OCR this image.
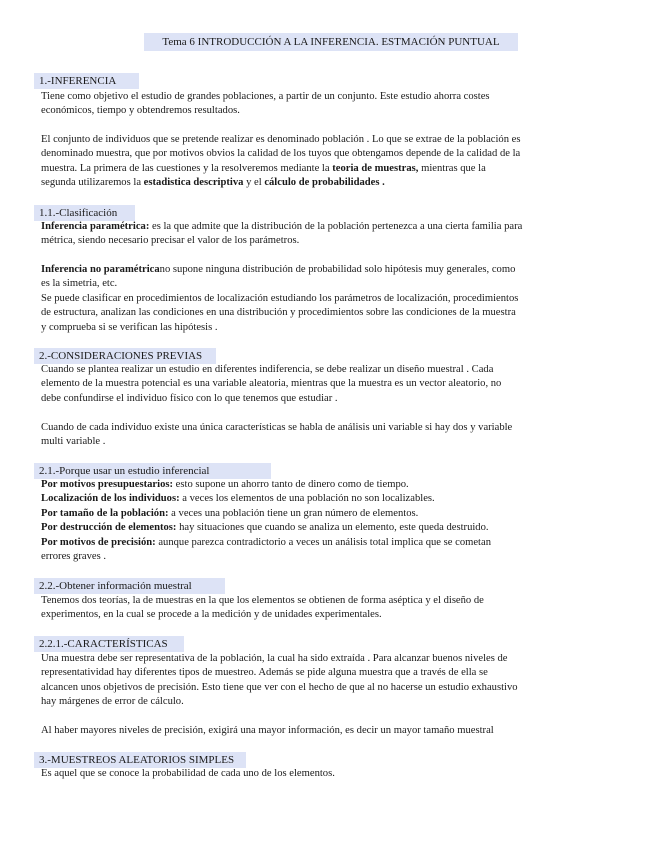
Tema 6 INTRODUCCIÓN A LA INFERENCIA. ESTMACIÓN PUNTUAL
1.-INFERENCIA

Tiene como objetivo el estudio de grandes poblaciones, a partir de un conjunto. Este estudio ahorra costes

económicos, tiempo y obtendremos resultados.

El conjunto de individuos que se pretende realizar es denominado población . Lo que se extrae de la población es

denominado muestra, que por motivos obvios la calidad de los tuyos que obtengamos depende de la calidad de la

muestra. La primera de las cuestiones y la resolveremos mediante la teoria de muestras, mientras que la

segunda utilizaremos la estadistica descriptiva y el cálculo de probabilidades .

1.1.-Clasificación

Inferencia paramétrica: es la que admite que la distribución de la población pertenezca a una cierta familia para

métrica, siendo necesario precisar el valor de los parámetros.

Inferencia no paramétricano supone ninguna distribución de probabilidad solo hipótesis muy generales, como

es la simetria, etc.

Se puede clasificar en procedimientos de localización estudiando los parámetros de localización, procedimientos

de estructura, analizan las condiciones en una distribución y procedimientos sobre las condiciones de la muestra

y comprueba si se verifican las hipótesis .

2.-CONSIDERACIONES PREVIAS

Cuando se plantea realizar un estudio en diferentes indiferencia, se debe realizar un diseño muestral . Cada

elemento de la muestra potencial es una variable aleatoria, mientras que la muestra es un vector aleatorio, no

debe confundirse el individuo físico con lo que tenemos que estudiar .

Cuando de cada individuo existe una única características se habla de análisis uni variable si hay dos y variable

multi variable .

2.1.-Porque usar un estudio inferencial

Por motivos presupuestarios: esto supone un ahorro tanto de dinero como de tiempo.

Localización de los individuos: a veces los elementos de una población no son localizables.

Por tamaño de la población: a veces una población tiene un gran número de elementos.

Por destrucción de elementos: hay situaciones que cuando se analiza un elemento, este queda destruido.

Por motivos de precisión: aunque parezca contradictorio a veces un análisis total implica que se cometan

errores graves .

2.2.-Obtener información muestral

Tenemos dos teorías, la de muestras en la que los elementos se obtienen de forma aséptica y el diseño de

experimentos, en la cual se procede a la medición y de unidades experimentales.

2.2.1.-CARACTERÍSTICAS

Una muestra debe ser representativa de la población, la cual ha sido extraída . Para alcanzar buenos niveles de

representatividad hay diferentes tipos de muestreo. Además se pide alguna muestra que a través de ella se

alcancen unos objetivos de precisión. Esto tiene que ver con el hecho de que al no hacerse un estudio exhaustivo

hay márgenes de error de cálculo.

Al haber mayores niveles de precisión, exigirá una mayor información, es decir un mayor tamaño muestral

3.-MUESTREOS ALEATORIOS SIMPLES

Es aquel que se conoce la probabilidad de cada uno de los elementos.
